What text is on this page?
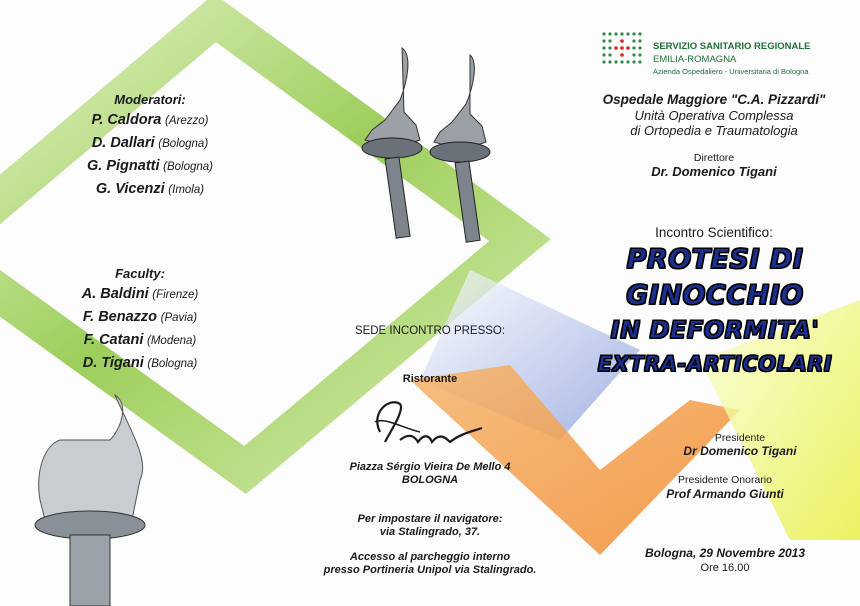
Moderatori:
P. Caldora (Arezzo)
D. Dallari (Bologna)
G. Pignatti (Bologna)
G. Vicenzi (Imola)
Faculty:
A. Baldini (Firenze)
F. Benazzo (Pavia)
F. Catani (Modena)
D. Tigani (Bologna)
SERVIZIO SANITARIO REGIONALE
EMILIA-ROMAGNA
Azienda Ospedaliero - Universitaria di Bologna
Ospedale Maggiore "C.A. Pizzardi"
Unità Operativa Complessa
di Ortopedia e Traumatologia
Direttore
Dr. Domenico Tigani
Incontro Scientifico:
PROTESI DI
GINOCCHIO
IN DEFORMITA'
EXTRA-ARTICOLARI
Presidente
Dr Domenico Tigani
Presidente Onorario
Prof Armando Giunti
Bologna, 29 Novembre 2013
Ore 16.00
SEDE INCONTRO PRESSO:
Ristorante
Piazza Sérgio Vieira De Mello 4
BOLOGNA
Per impostare il navigatore:
via Stalingrado, 37.
Accesso al parcheggio interno
presso Portineria Unipol via Stalingrado.
